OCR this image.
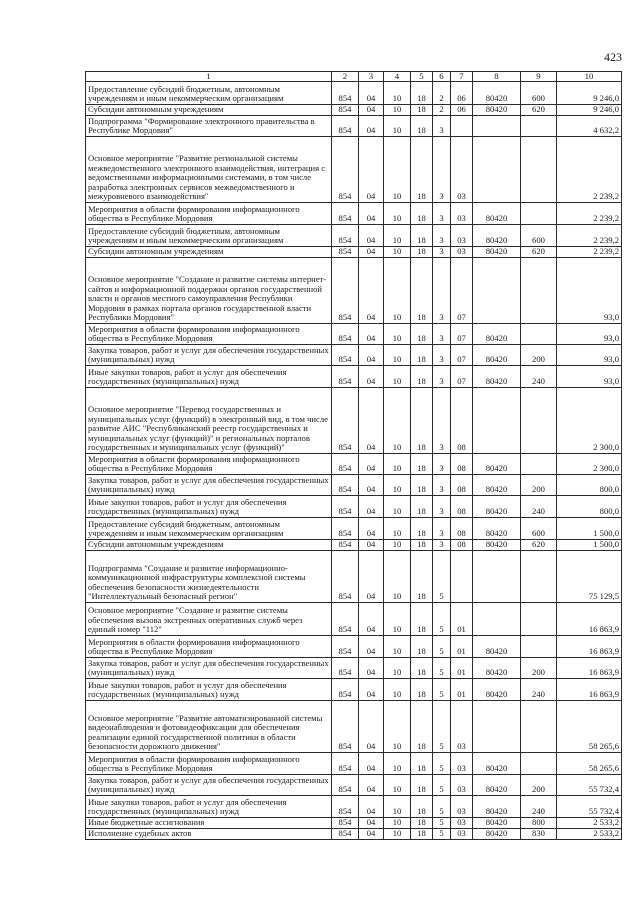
423
1	2	3	4	5	6	7	8	9	10
Предоставление субсидий бюджетным, автономным учреждениям и иным некоммерческим организациям	854	04	10	18	2	06	80420	600	9 246,0
Субсидии автономным учреждениям	854	04	10	18	2	06	80420	620	9 246,0
Подпрограмма "Формирование электронного правительства в Республике Мордовия"	854	04	10	18	3				4 632,2
Основное мероприятие "Развитие региональной системы межведомственного электронного взаимодействия, интеграция с ведомственными информационными системами, в том числе разработка электронных сервисов межведомственного и межуровневого взаимодействия"	854	04	10	18	3	03			2 239,2
Мероприятия в области формирования информационного общества в Республике Мордовия	854	04	10	18	3	03	80420		2 239,2
Предоставление субсидий бюджетным, автономным учреждениям и иным некоммерческим организациям	854	04	10	18	3	03	80420	600	2 239,2
Субсидии автономным учреждениям	854	04	10	18	3	03	80420	620	2 239,2
Основное мероприятие "Создание и развитие системы интернет-сайтов и информационной поддержки органов государственной власти и органов местного самоуправления Республики Мордовия в рамках портала органов государственной власти Республики Мордовия"	854	04	10	18	3	07			93,0
Мероприятия в области формирования информационного общества в Республике Мордовия	854	04	10	18	3	07	80420		93,0
Закупка товаров, работ и услуг для обеспечения государственных (муниципальных) нужд	854	04	10	18	3	07	80420	200	93,0
Иные закупки товаров, работ и услуг для обеспечения государственных (муниципальных) нужд	854	04	10	18	3	07	80420	240	93,0
Основное мероприятие "Перевод государственных и муниципальных услуг (функций) в электронный вид, в том числе развитие АИС "Республиканский реестр государственных и муниципальных услуг (функций)" и региональных порталов государственных и муниципальных услуг (функций)"	854	04	10	18	3	08			2 300,0
Мероприятия в области формирования информационного общества в Республике Мордовия	854	04	10	18	3	08	80420		2 300,0
Закупка товаров, работ и услуг для обеспечения государственных (муниципальных) нужд	854	04	10	18	3	08	80420	200	800,0
Иные закупки товаров, работ и услуг для обеспечения государственных (муниципальных) нужд	854	04	10	18	3	08	80420	240	800,0
Предоставление субсидий бюджетным, автономным учреждениям и иным некоммерческим организациям	854	04	10	18	3	08	80420	600	1 500,0
Субсидии автономным учреждениям	854	04	10	18	3	08	80420	620	1 500,0
Подпрограмма "Создание и развитие информационно-коммуникационной инфраструктуры комплексной системы обеспечения безопасности жизнедеятельности "Интеллектуальный безопасный регион"	854	04	10	18	5				75 129,5
Основное мероприятие "Создание и развитие системы обеспечения вызова экстренных оперативных служб через единый номер "112"	854	04	10	18	5	01			16 863,9
Мероприятия в области формирования информационного общества в Республике Мордовия	854	04	10	18	5	01	80420		16 863,9
Закупка товаров, работ и услуг для обеспечения государственных (муниципальных) нужд	854	04	10	18	5	01	80420	200	16 863,9
Иные закупки товаров, работ и услуг для обеспечения государственных (муниципальных) нужд	854	04	10	18	5	01	80420	240	16 863,9
Основное мероприятие "Развитие автоматизированной системы видеонаблюдения и фотовидеофиксации для обеспечения реализации единой государственной политики в области безопасности дорожного движения"	854	04	10	18	5	03			58 265,6
Мероприятия в области формирования информационного общества в Республике Мордовия	854	04	10	18	5	03	80420		58 265,6
Закупка товаров, работ и услуг для обеспечения государственных (муниципальных) нужд	854	04	10	18	5	03	80420	200	55 732,4
Иные закупки товаров, работ и услуг для обеспечения государственных (муниципальных) нужд	854	04	10	18	5	03	80420	240	55 732,4
Иные бюджетные ассигнования	854	04	10	18	5	03	80420	800	2 533,2
Исполнение судебных актов	854	04	10	18	5	03	80420	830	2 533,2
